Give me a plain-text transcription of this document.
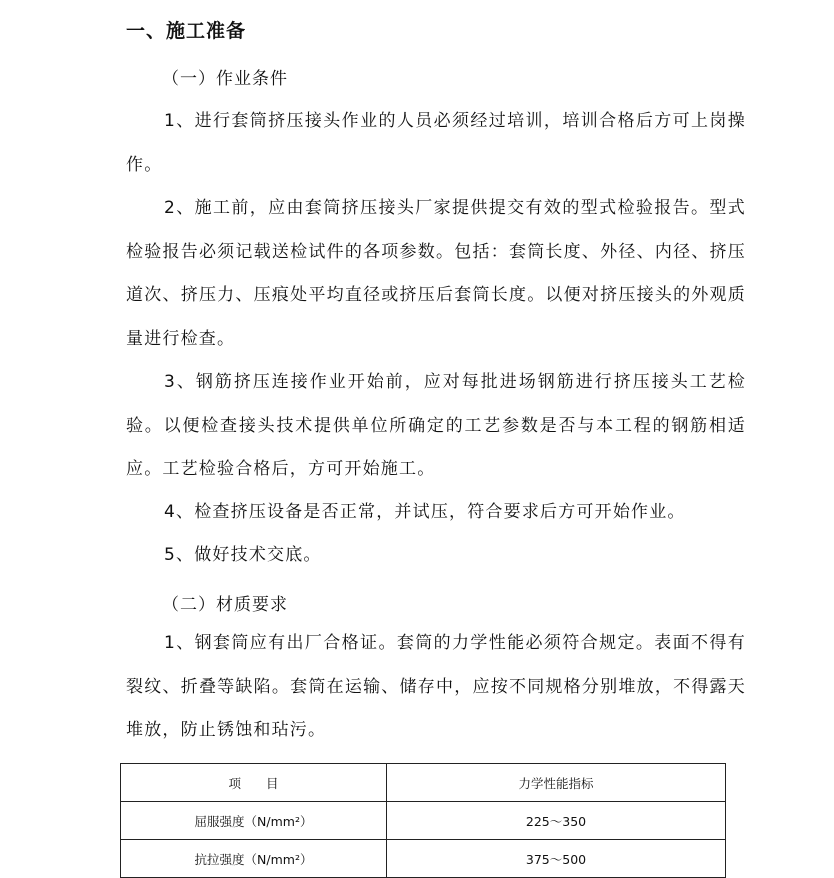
一、施工准备
（一）作业条件

1、进行套筒挤压接头作业的人员必须经过培训，培训合格后方可上岗操作。

2、施工前，应由套筒挤压接头厂家提供提交有效的型式检验报告。型式检验报告必须记载送检试件的各项参数。包括：套筒长度、外径、内径、挤压道次、挤压力、压痕处平均直径或挤压后套筒长度。以便对挤压接头的外观质量进行检查。

3、钢筋挤压连接作业开始前，应对每批进场钢筋进行挤压接头工艺检验。以便检查接头技术提供单位所确定的工艺参数是否与本工程的钢筋相适应。工艺检验合格后，方可开始施工。

4、检查挤压设备是否正常，并试压，符合要求后方可开始作业。

5、做好技术交底。

（二）材质要求

1、钢套筒应有出厂合格证。套筒的力学性能必须符合规定。表面不得有裂纹、折叠等缺陷。套筒在运输、储存中，应按不同规格分别堆放，不得露天堆放，防止锈蚀和玷污。

项　　目	力学性能指标
屈服强度（N/mm²）	225～350
抗拉强度（N/mm²）	375～500
